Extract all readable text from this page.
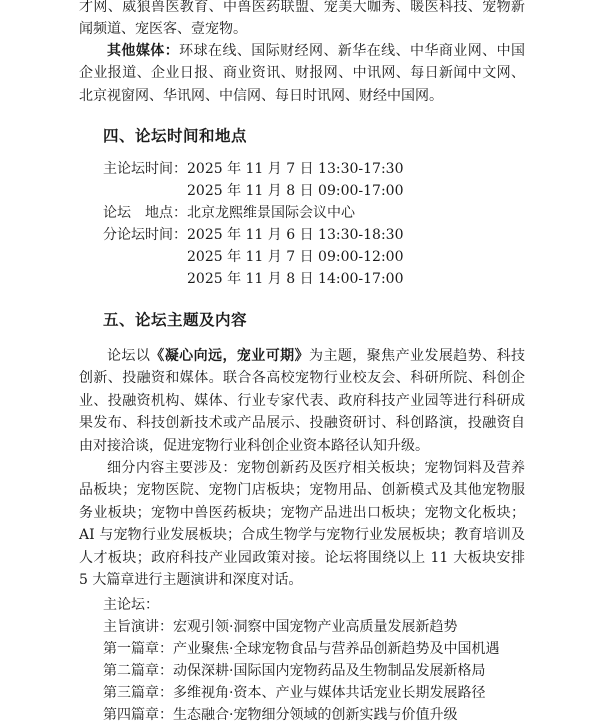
才网、威狼兽医教育、中兽医药联盟、宠美大咖秀、暖医科技、宠物新闻频道、宠医客、壹宠物。

其他媒体：环球在线、国际财经网、新华在线、中华商业网、中国企业报道、企业日报、商业资讯、财报网、中讯网、每日新闻中文网、北京视窗网、华讯网、中信网、每日时讯网、财经中国网。

四、论坛时间和地点
主论坛时间： 2025 年 11 月 7 日 13:30-17:30
2025 年 11 月 8 日 09:00-17:00
论坛　地点： 北京龙熙维景国际会议中心
分论坛时间： 2025 年 11 月 6 日 13:30-18:30
2025 年 11 月 7 日 09:00-12:00
2025 年 11 月 8 日 14:00-17:00
五、论坛主题及内容

论坛以《凝心向远，宠业可期》为主题，聚焦产业发展趋势、科技创新、投融资和媒体。联合各高校宠物行业校友会、科研所院、科创企业、投融资机构、媒体、行业专家代表、政府科技产业园等进行科研成果发布、科技创新技术或产品展示、投融资研讨、科创路演，投融资自由对接洽谈，促进宠物行业科创企业资本路径认知升级。

细分内容主要涉及：宠物创新药及医疗相关板块；宠物饲料及营养品板块；宠物医院、宠物门店板块；宠物用品、创新模式及其他宠物服务业板块；宠物中兽医药板块；宠物产品进出口板块；宠物文化板块；AI 与宠物行业发展板块；合成生物学与宠物行业发展板块；教育培训及人才板块；政府科技产业园政策对接。论坛将围绕以上 11 大板块安排 5 大篇章进行主题演讲和深度对话。

主论坛：
主旨演讲：宏观引领·洞察中国宠物产业高质量发展新趋势
第一篇章：产业聚焦·全球宠物食品与营养品创新趋势及中国机遇
第二篇章：动保深耕·国际国内宠物药品及生物制品发展新格局
第三篇章：多维视角·资本、产业与媒体共话宠业长期发展路径
第四篇章：生态融合·宠物细分领域的创新实践与价值升级
